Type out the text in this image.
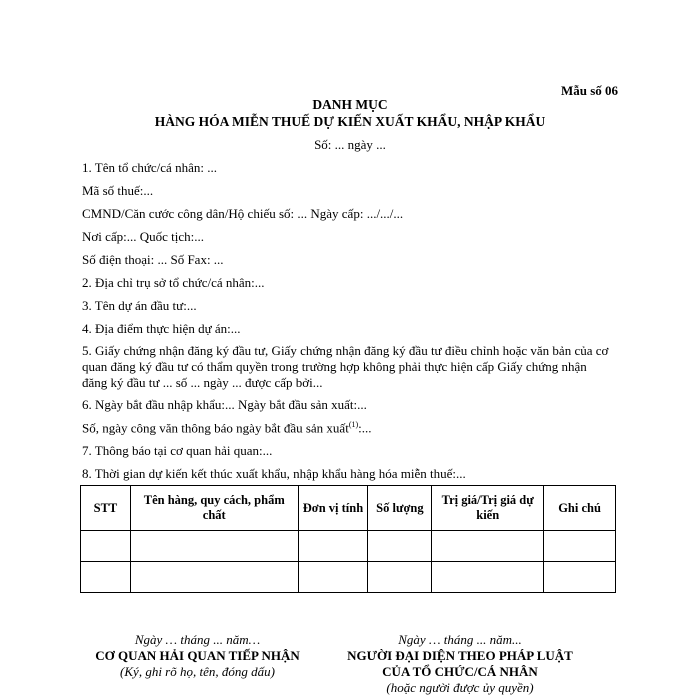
Mẫu số 06
DANH MỤC
HÀNG HÓA MIỄN THUẾ DỰ KIẾN XUẤT KHẨU, NHẬP KHẨU
Số: ... ngày ...
1. Tên tổ chức/cá nhân: ...
Mã số thuế:...
CMND/Căn cước công dân/Hộ chiếu số: ... Ngày cấp: .../.../...
Nơi cấp:... Quốc tịch:...
Số điện thoại: ... Số Fax: ...
2. Địa chỉ trụ sở tổ chức/cá nhân:...
3. Tên dự án đầu tư:...
4. Địa điểm thực hiện dự án:...
5. Giấy chứng nhận đăng ký đầu tư, Giấy chứng nhận đăng ký đầu tư điều chỉnh hoặc văn bản của cơ quan đăng ký đầu tư có thẩm quyền trong trường hợp không phải thực hiện cấp Giấy chứng nhận đăng ký đầu tư ... số ... ngày ... được cấp bởi...
6. Ngày bắt đầu nhập khẩu:... Ngày bắt đầu sản xuất:...
Số, ngày công văn thông báo ngày bắt đầu sản xuất$^{(1)}$:...
7. Thông báo tại cơ quan hải quan:...
8. Thời gian dự kiến kết thúc xuất khẩu, nhập khẩu hàng hóa miễn thuế:...
STT	Tên hàng, quy cách, phẩm chất	Đơn vị tính	Số lượng	Trị giá/Trị giá dự kiến	Ghi chú

Ngày … tháng ... năm…
CƠ QUAN HẢI QUAN TIẾP NHẬN
(Ký, ghi rõ họ, tên, đóng dấu)
Ngày … tháng ... năm...
NGƯỜI ĐẠI DIỆN THEO PHÁP LUẬT
CỦA TỔ CHỨC/CÁ NHÂN
(hoặc người được ủy quyền)
